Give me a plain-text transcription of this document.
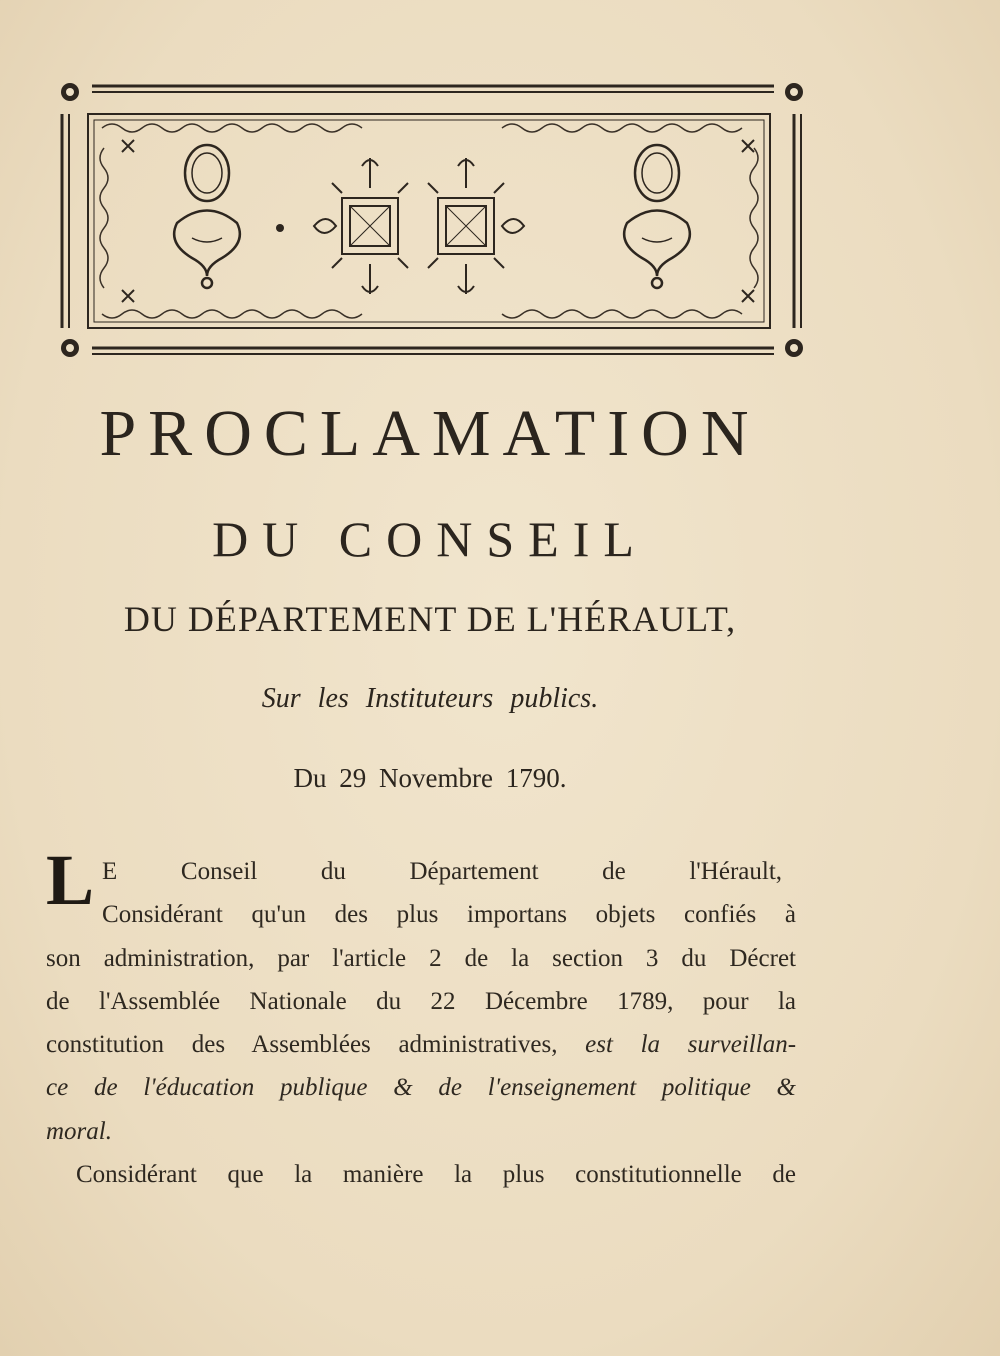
PROCLAMATION
DU CONSEIL
DU DÉPARTEMENT DE L'HÉRAULT,
Sur les Instituteurs publics.
Du 29 Novembre 1790.
L E Conseil du Département de l'Hérault,
Considérant qu'un des plus importans objets confiés à
son administration, par l'article 2 de la section 3 du Décret
de l'Assemblée Nationale du 22 Décembre 1789, pour la
constitution des Assemblées administratives, est la surveillan-
ce de l'éducation publique & de l'enseignement politique &
moral.
Considérant que la manière la plus constitutionnelle de
